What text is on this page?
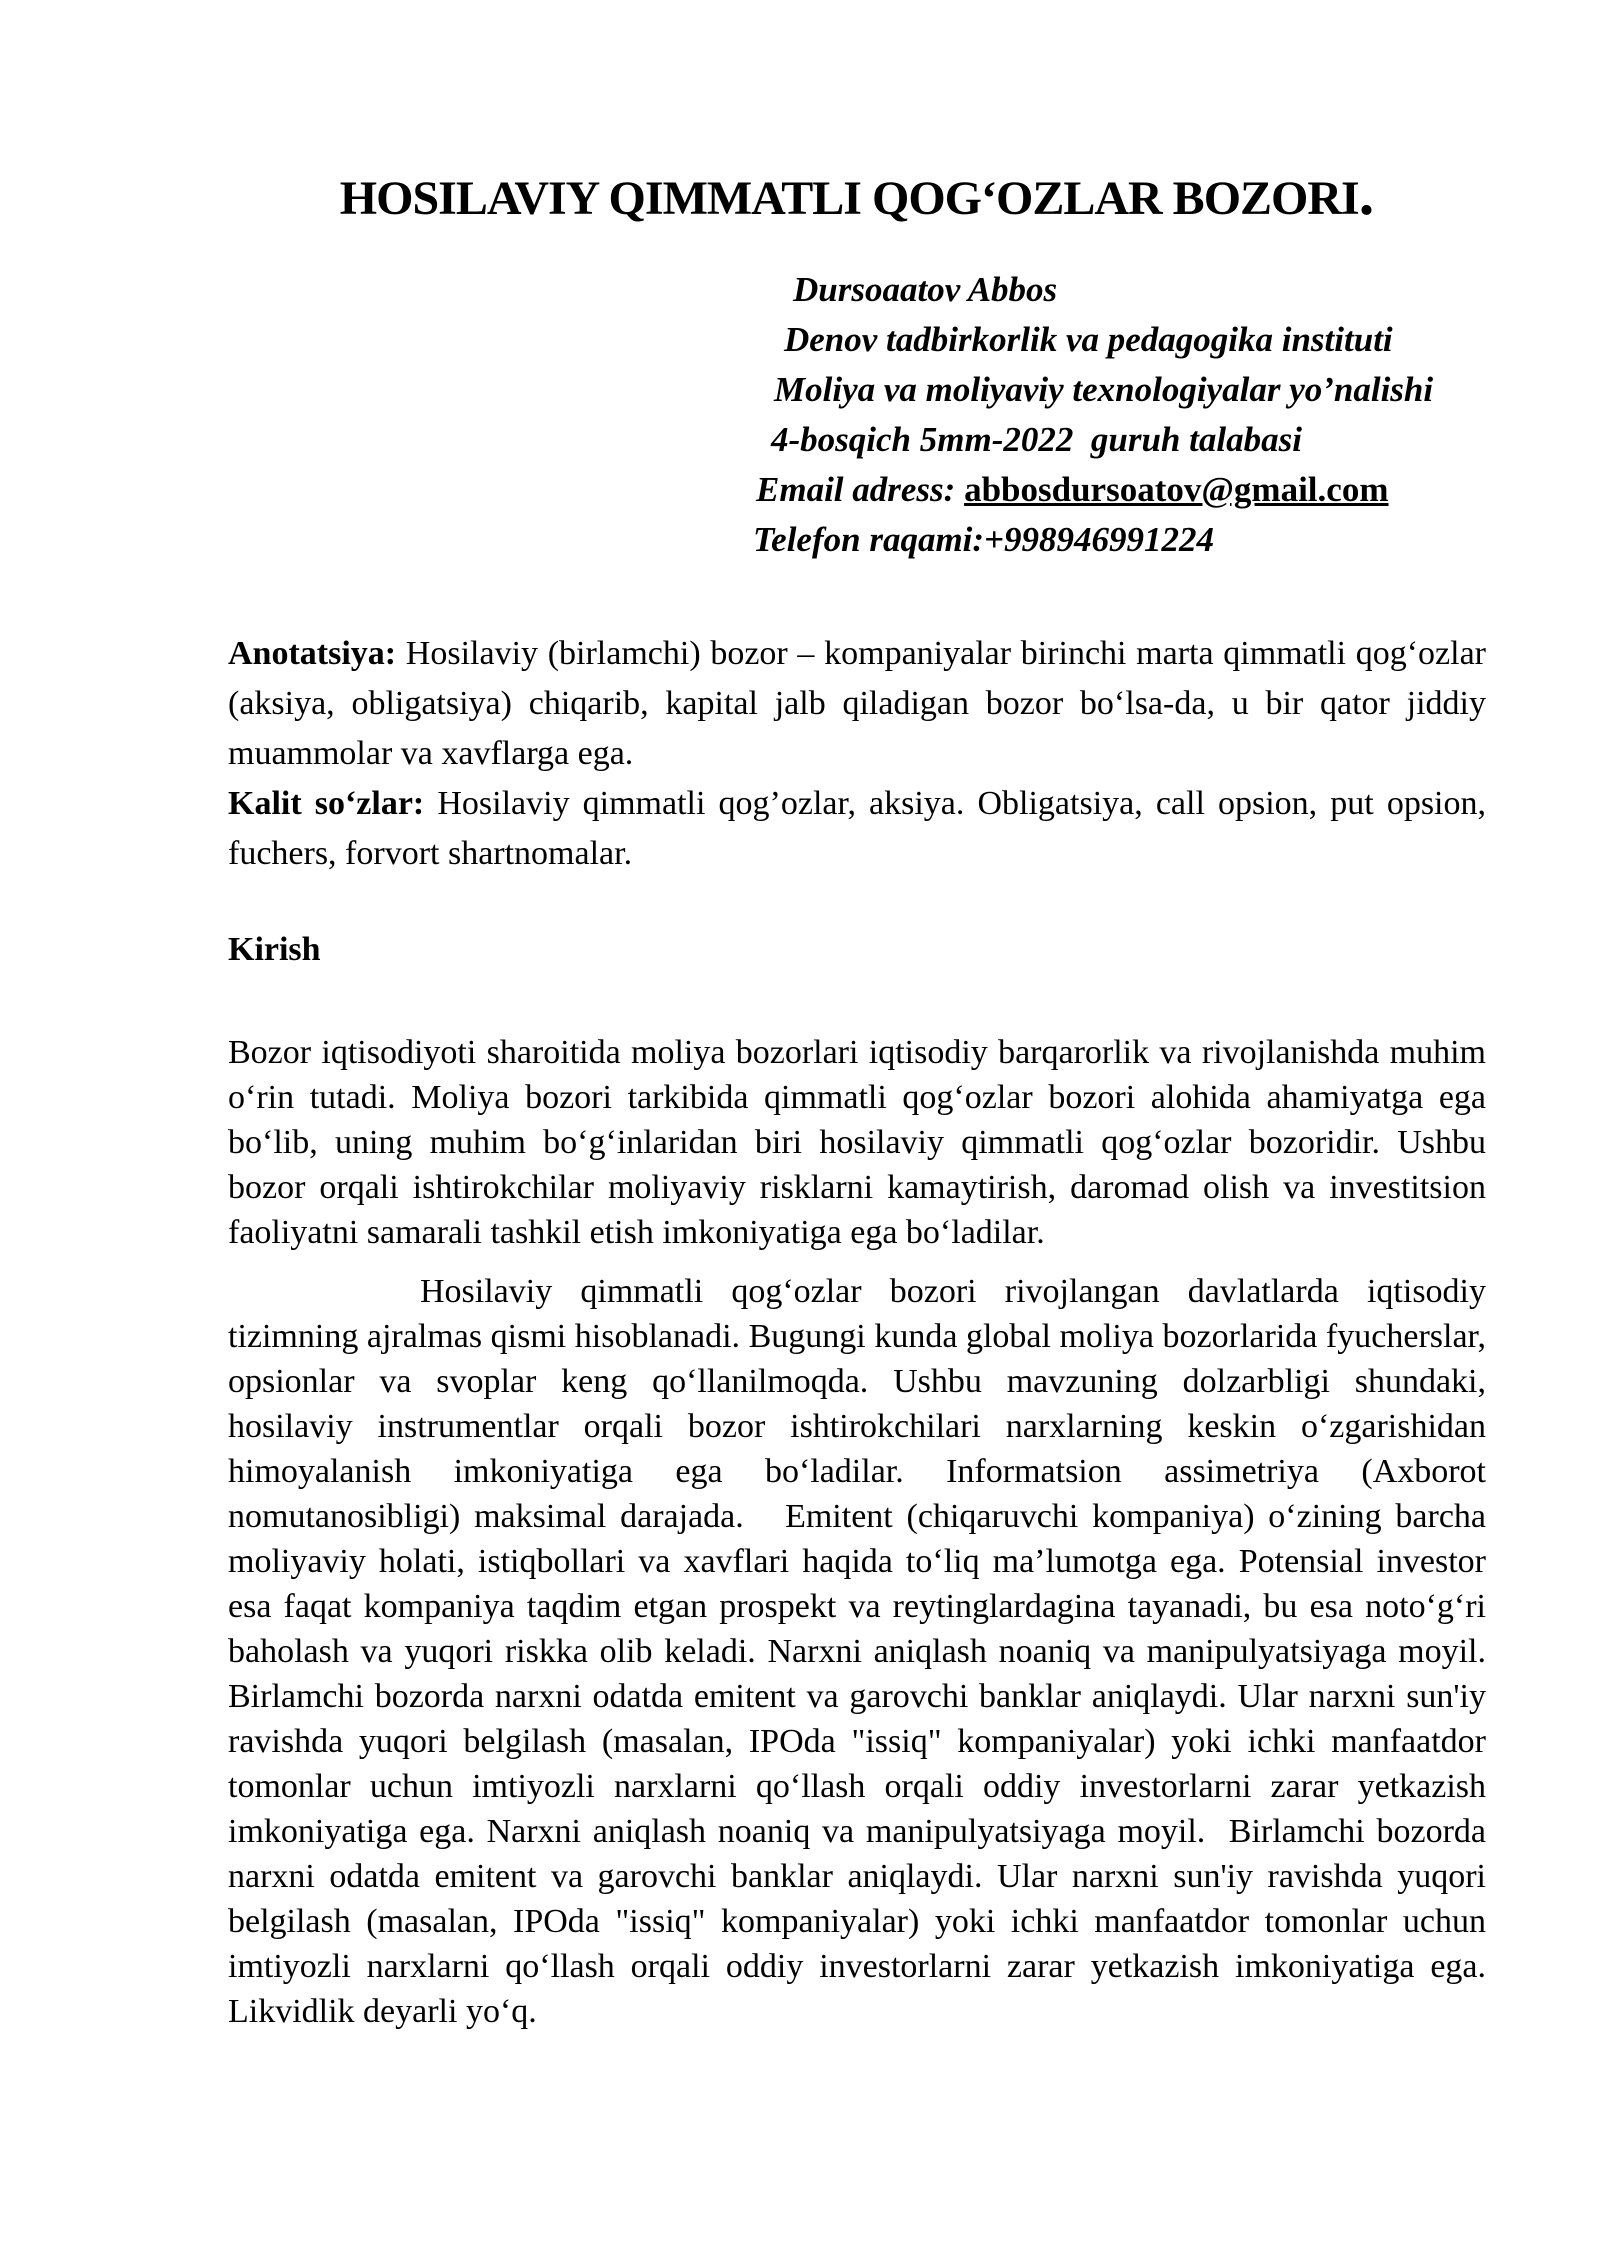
HOSILAVIY QIMMATLI QOG‘OZLAR BOZORI.
Dursoaatov Abbos
Denov tadbirkorlik va pedagogika instituti
Moliya va moliyaviy texnologiyalar yo’nalishi
4-bosqich 5mm-2022  guruh talabasi
Email adress: abbosdursoatov@gmail.com
Telefon raqami:+998946991224

Anotatsiya: Hosilaviy (birlamchi) bozor – kompaniyalar birinchi marta qimmatli qog‘ozlar (aksiya, obligatsiya) chiqarib, kapital jalb qiladigan bozor bo‘lsa-da, u bir qator jiddiy muammolar va xavflarga ega.

Kalit so‘zlar: Hosilaviy qimmatli qog’ozlar, aksiya. Obligatsiya, call opsion, put opsion, fuchers, forvort shartnomalar.

Kirish

Bozor iqtisodiyoti sharoitida moliya bozorlari iqtisodiy barqarorlik va rivojlanishda muhim o‘rin tutadi. Moliya bozori tarkibida qimmatli qog‘ozlar bozori alohida ahamiyatga ega bo‘lib, uning muhim bo‘g‘inlaridan biri hosilaviy qimmatli qog‘ozlar bozoridir. Ushbu bozor orqali ishtirokchilar moliyaviy risklarni kamaytirish, daromad olish va investitsion faoliyatni samarali tashkil etish imkoniyatiga ega bo‘ladilar.

Hosilaviy qimmatli qog‘ozlar bozori rivojlangan davlatlarda iqtisodiy tizimning ajralmas qismi hisoblanadi. Bugungi kunda global moliya bozorlarida fyucherslar, opsionlar va svoplar keng qo‘llanilmoqda. Ushbu mavzuning dolzarbligi shundaki, hosilaviy instrumentlar orqali bozor ishtirokchilari narxlarning keskin o‘zgarishidan himoyalanish imkoniyatiga ega bo‘ladilar. Informatsion assimetriya (Axborot nomutanosibligi) maksimal darajada.   Emitent (chiqaruvchi kompaniya) o‘zining barcha moliyaviy holati, istiqbollari va xavflari haqida to‘liq ma’lumotga ega. Potensial investor esa faqat kompaniya taqdim etgan prospekt va reytinglardagina tayanadi, bu esa noto‘g‘ri baholash va yuqori riskka olib keladi. Narxni aniqlash noaniq va manipulyatsiyaga moyil.   Birlamchi bozorda narxni odatda emitent va garovchi banklar aniqlaydi. Ular narxni sun'iy ravishda yuqori belgilash (masalan, IPOda "issiq" kompaniyalar) yoki ichki manfaatdor tomonlar uchun imtiyozli narxlarni qo‘llash orqali oddiy investorlarni zarar yetkazish imkoniyatiga ega. Narxni aniqlash noaniq va manipulyatsiyaga moyil.  Birlamchi bozorda narxni odatda emitent va garovchi banklar aniqlaydi. Ular narxni sun'iy ravishda yuqori belgilash (masalan, IPOda "issiq" kompaniyalar) yoki ichki manfaatdor tomonlar uchun imtiyozli narxlarni qo‘llash orqali oddiy investorlarni zarar yetkazish imkoniyatiga ega. Likvidlik deyarli yo‘q.
